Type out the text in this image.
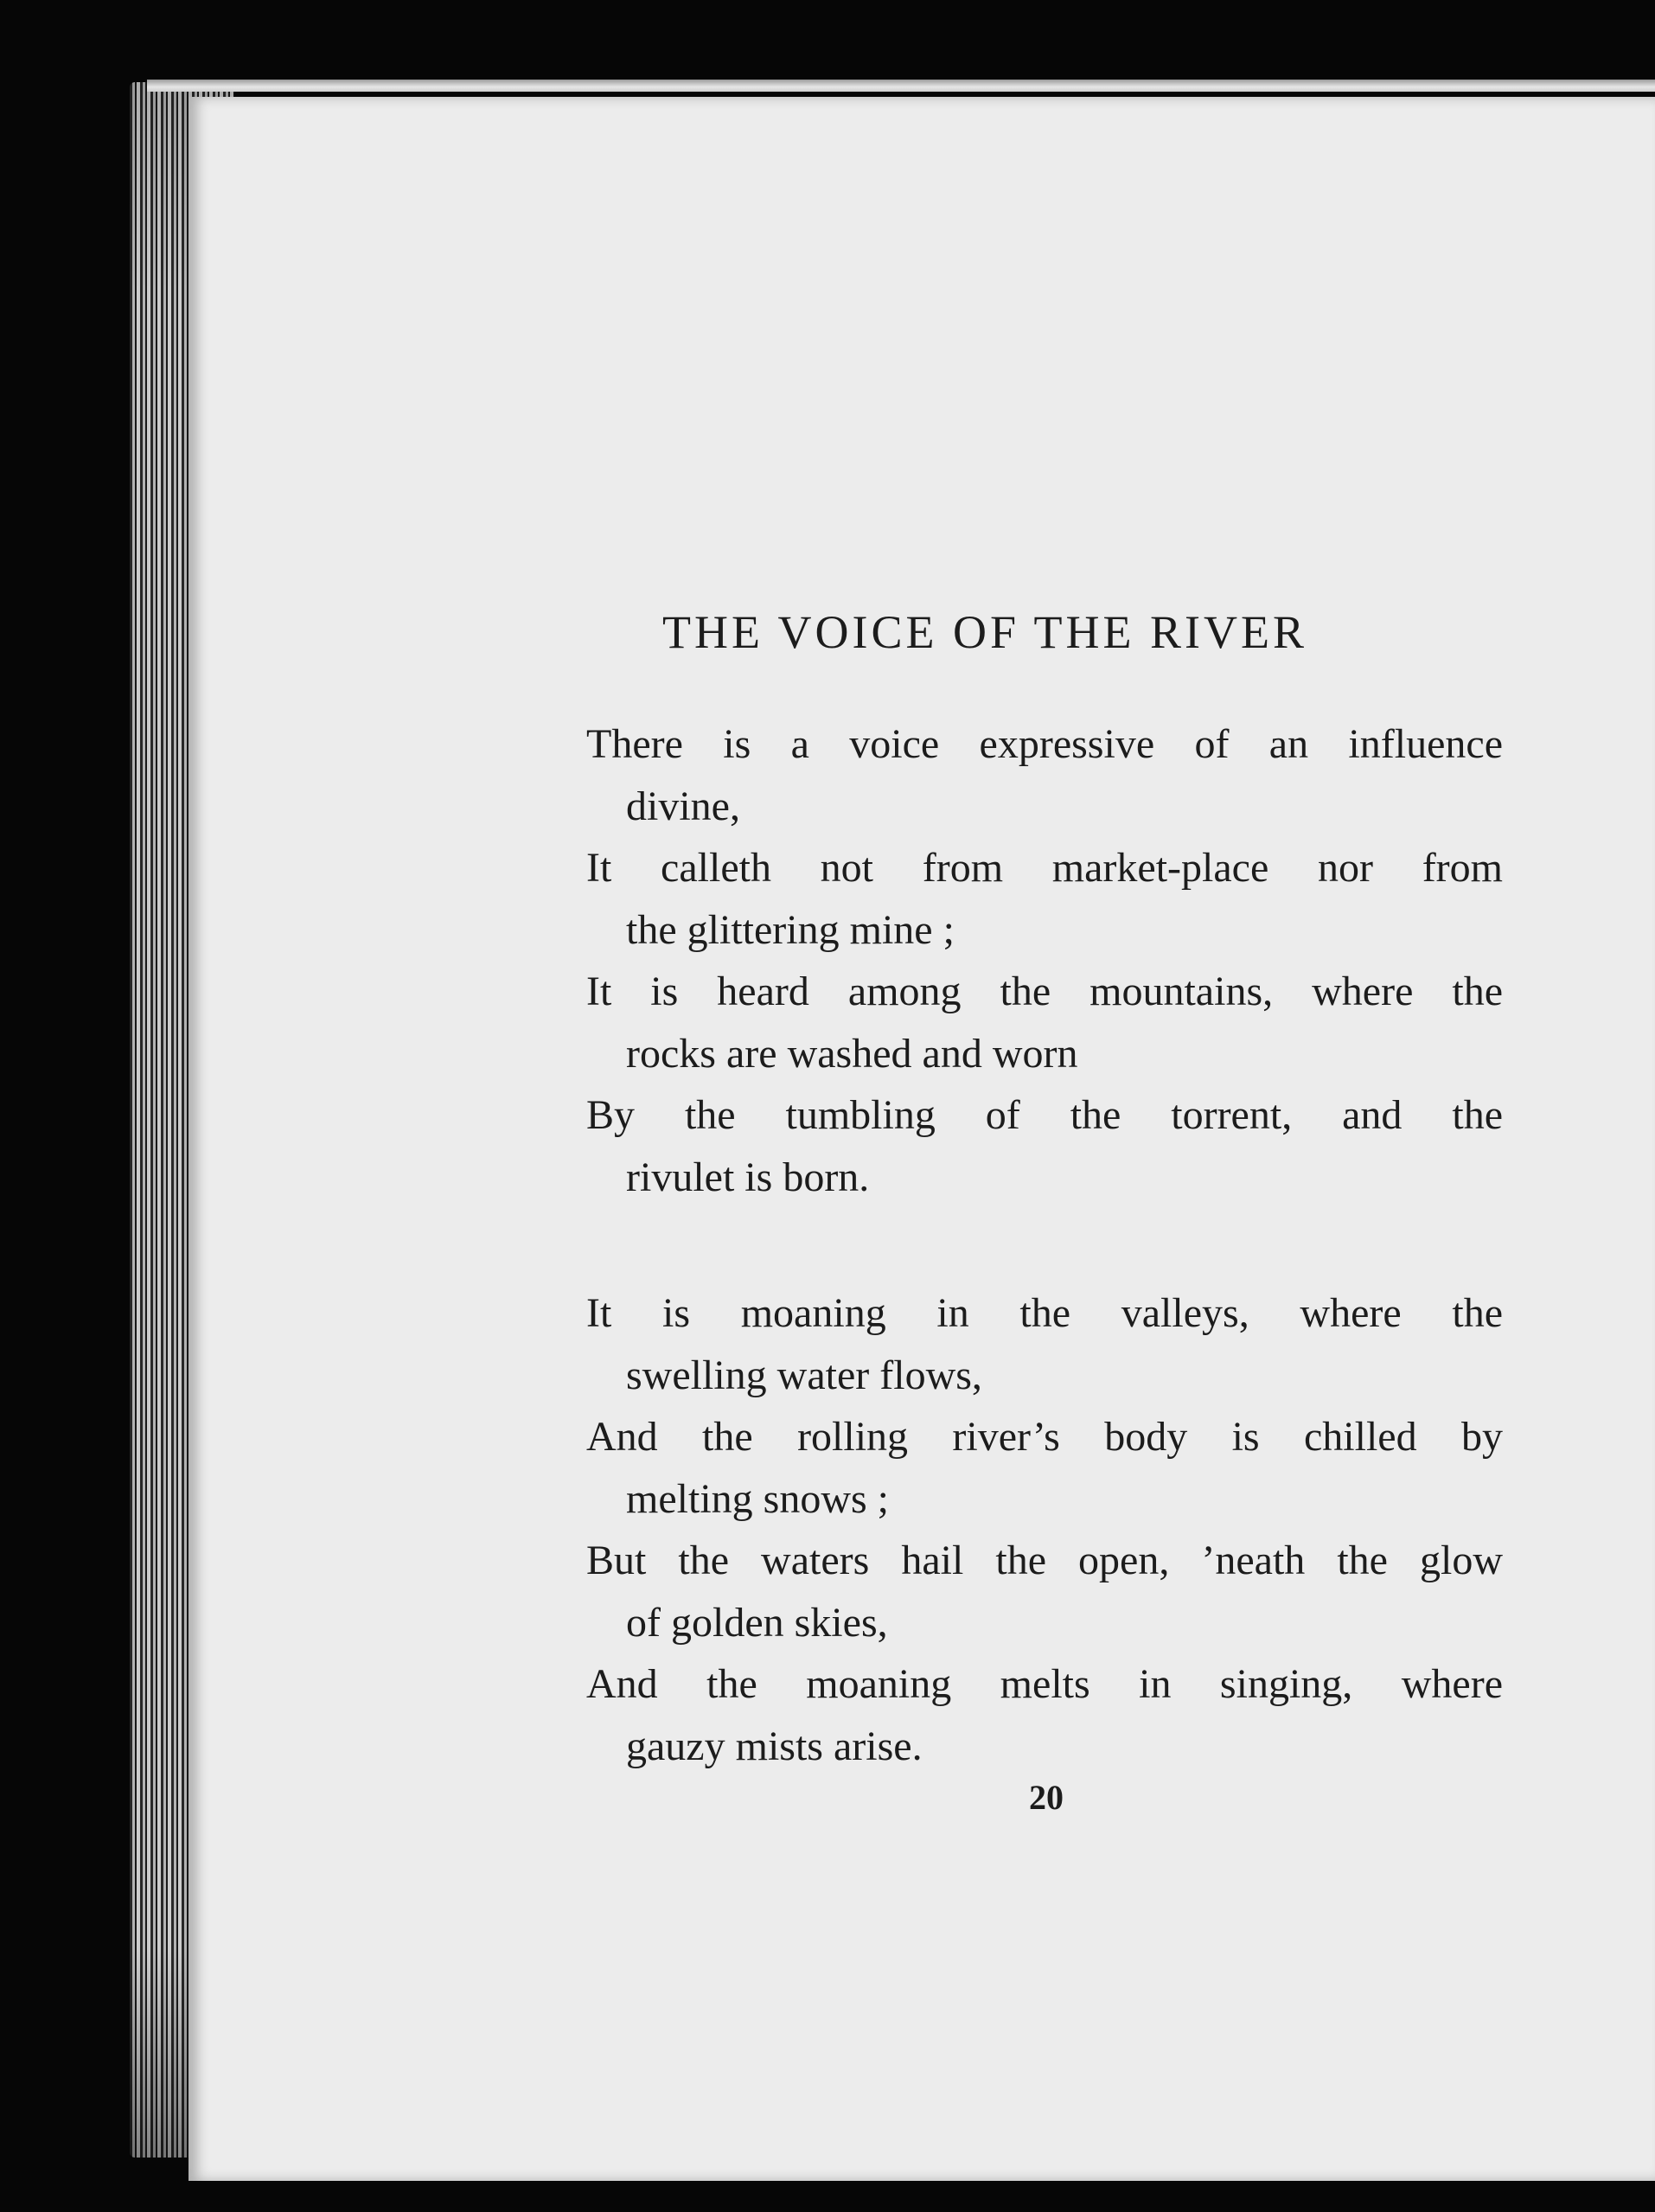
THE VOICE OF THE RIVER

There is a voice expressive of an influence
divine,

It calleth not from market-place nor from
the glittering mine ;

It is heard among the mountains, where the
rocks are washed and worn

By the tumbling of the torrent, and the
rivulet is born.

It is moaning in the valleys, where the
swelling water flows,

And the rolling river’s body is chilled by
melting snows ;

But the waters hail the open, ’neath the glow
of golden skies,

And the moaning melts in singing, where
gauzy mists arise.

20
